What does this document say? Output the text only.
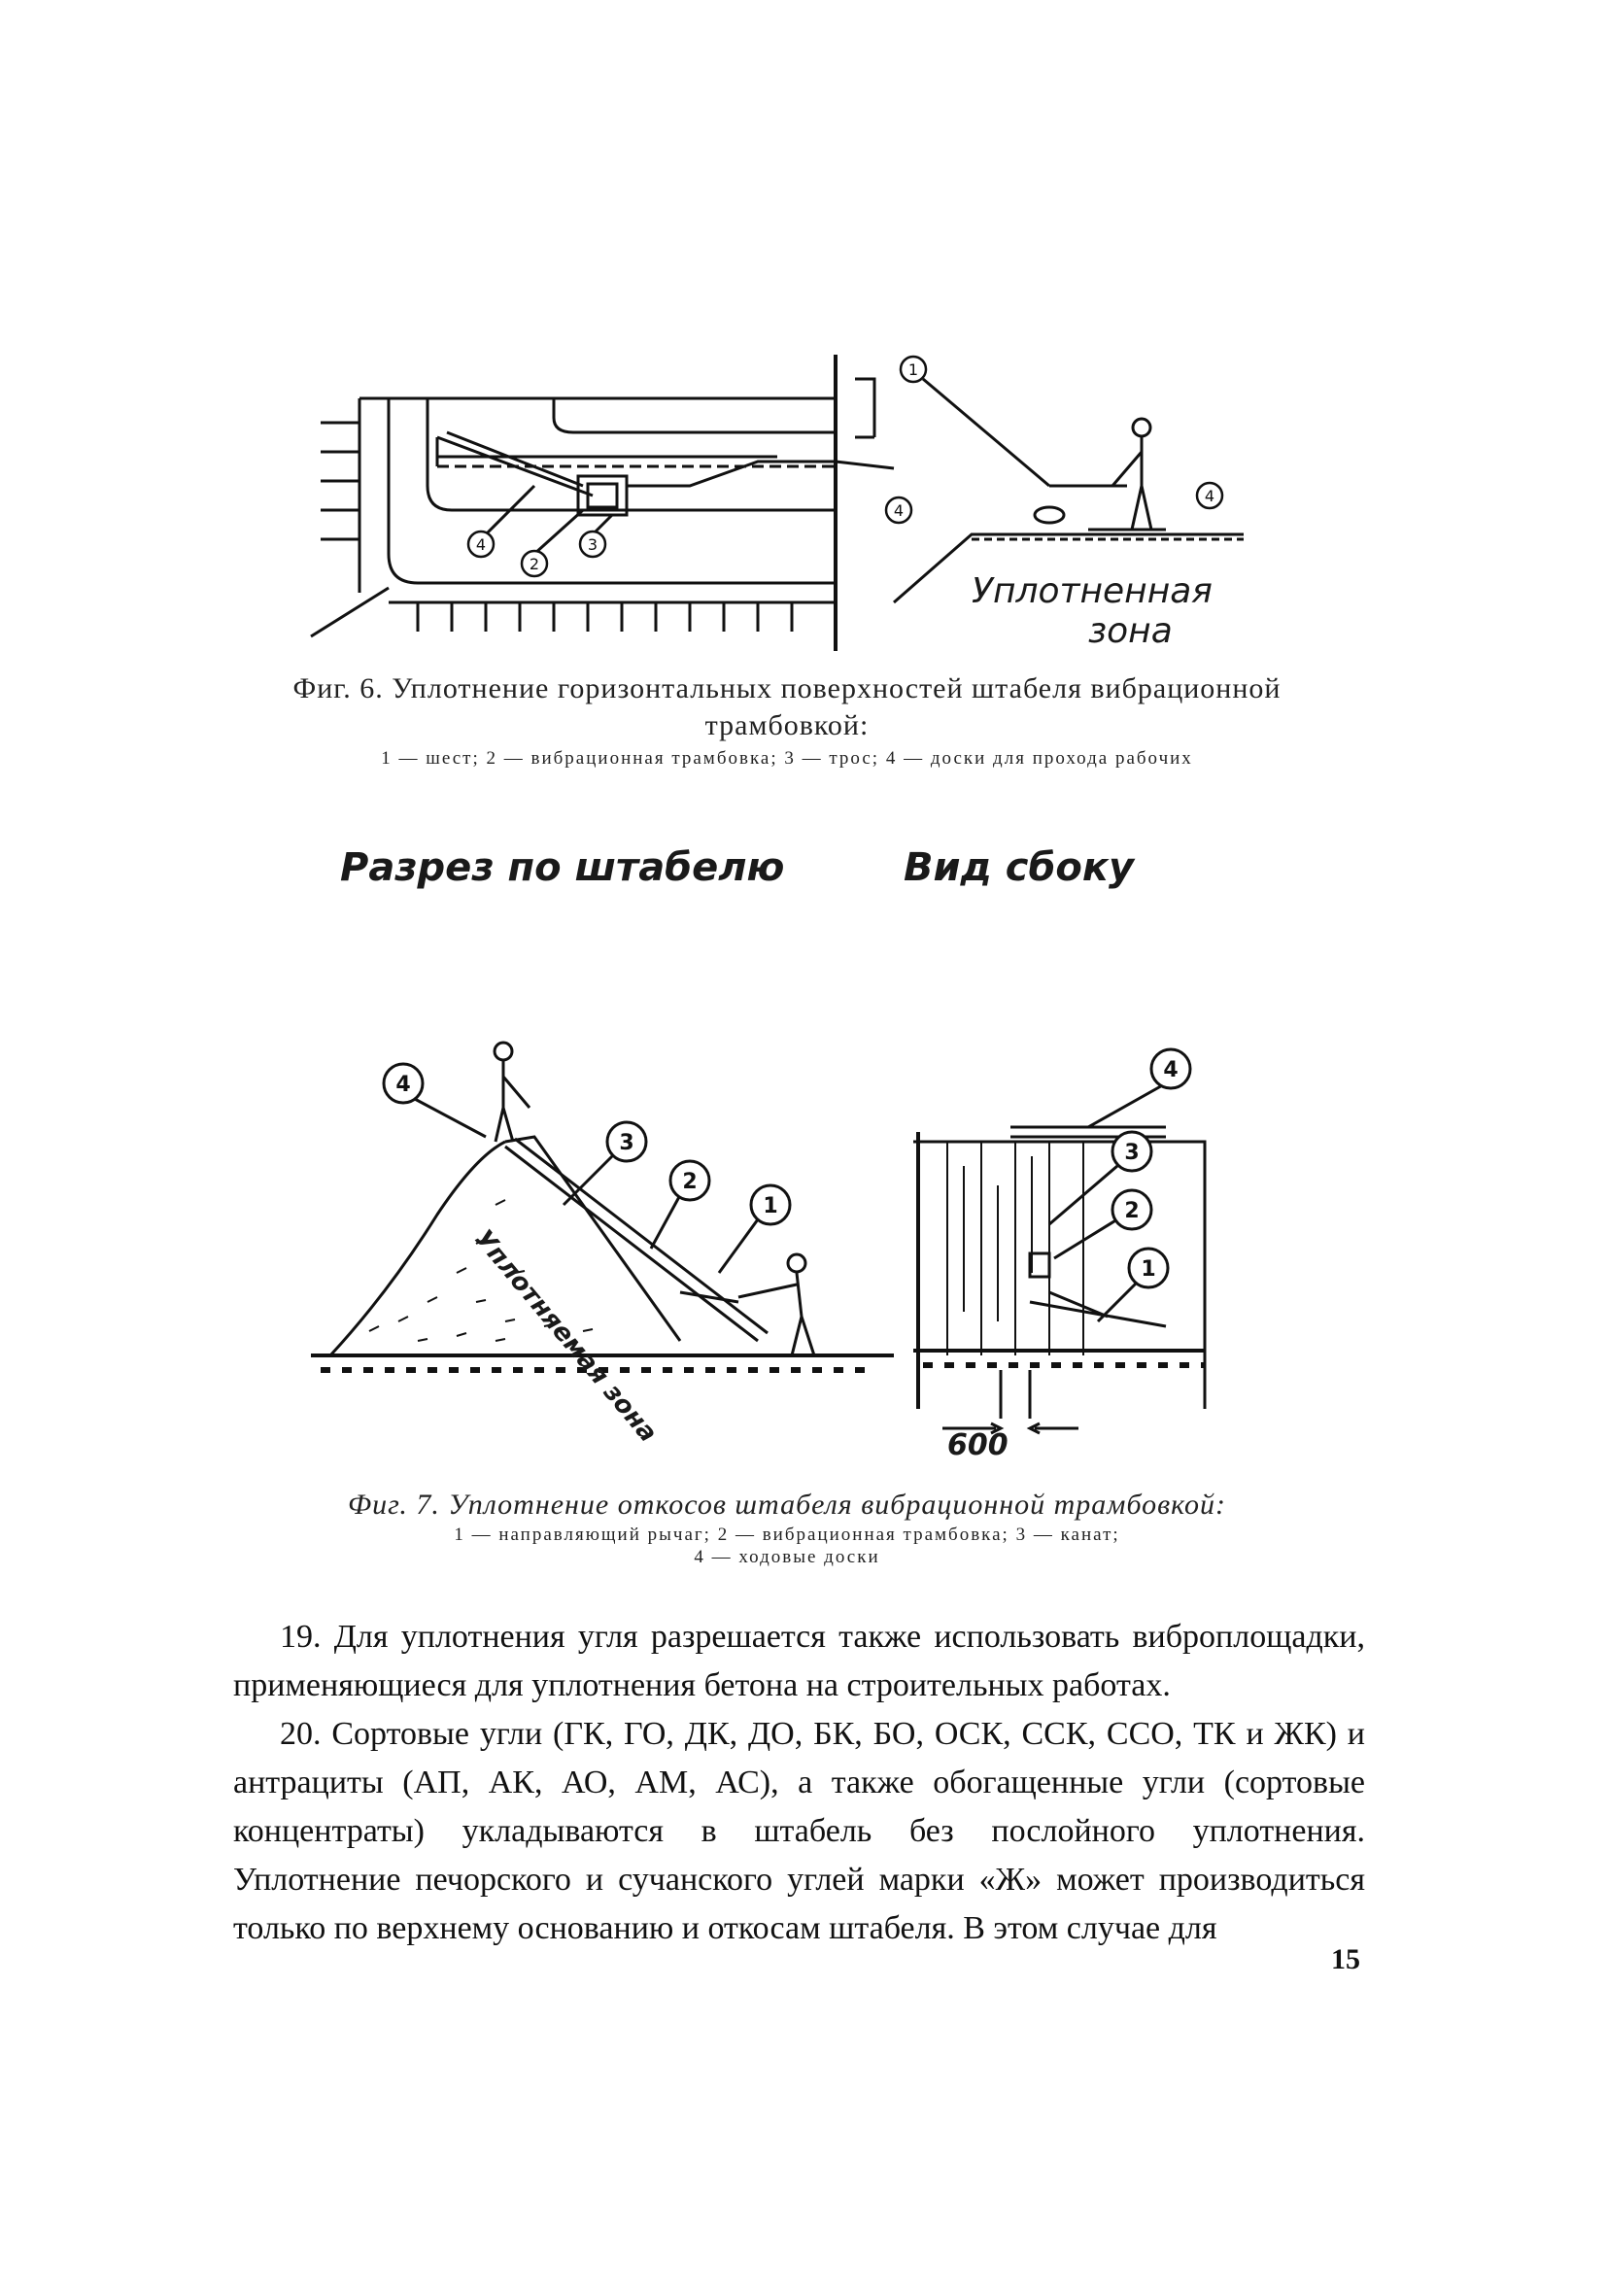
4
2
3
4
1
4
Уплотненная
зона
Фиг. 6. Уплотнение горизонтальных поверхностей штабеля вибрационной трамбовкой:
1 — шест; 2 — вибрационная трамбовка; 3 — трос; 4 — доски для прохода рабочих
Разрез по штабелю	Вид сбоку
4
3
2
1
4
3
2
1
Уплотняемая зона	600
Фиг. 7. Уплотнение откосов штабеля вибрационной трамбовкой:
1 — направляющий рычаг; 2 — вибрационная трамбовка; 3 — канат;
4 — ходовые доски

19. Для уплотнения угля разрешается также использовать виброплощадки, применяющиеся для уплотнения бетона на строительных работах.

20. Сортовые угли (ГК, ГО, ДК, ДО, БК, БО, ОСК, ССК, ССО, ТК и ЖК) и антрациты (АП, АК, АО, АМ, АС), а также обогащенные угли (сортовые концентраты) укладываются в штабель без послойного уплотнения. Уплотнение печорского и сучанского углей марки «Ж» может производиться только по верхнему основанию и откосам штабеля. В этом случае для

15
